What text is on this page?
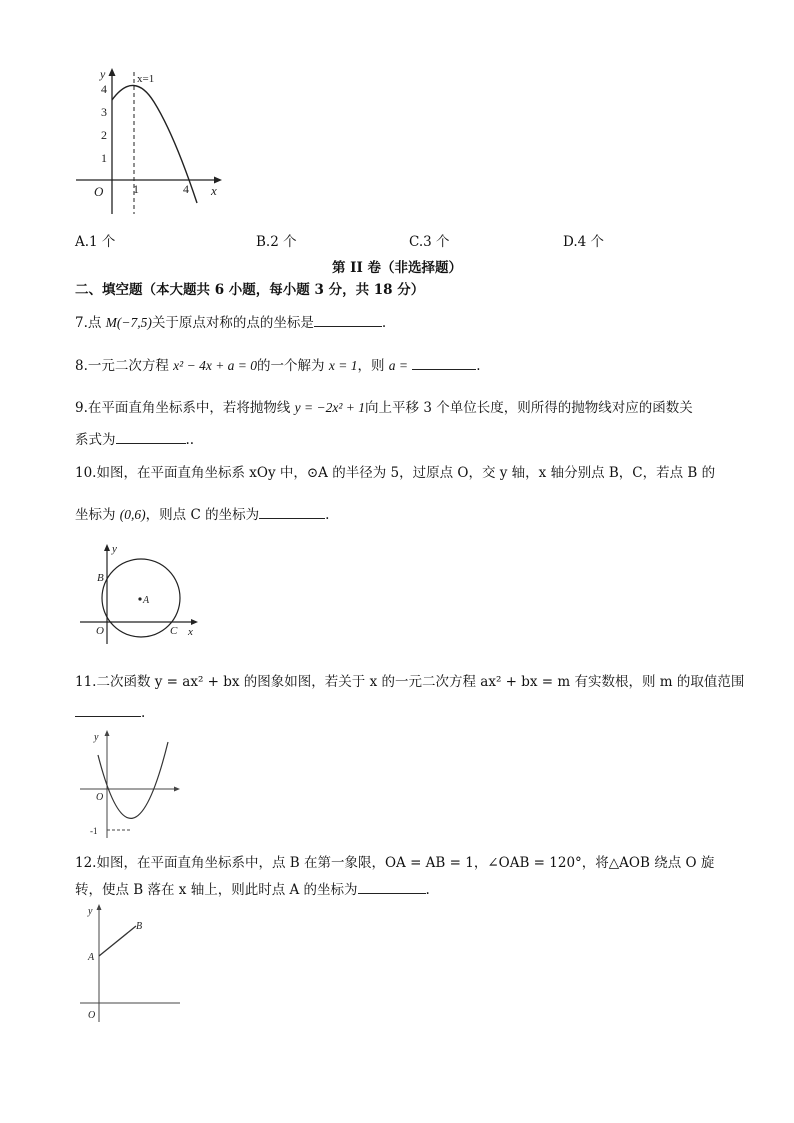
y
x
O
x=1
1
2
3
4
1	4
A.1 个	B.2 个	C.3 个	D.4 个
第 II 卷（非选择题）
二、填空题（本大题共 6 小题，每小题 3 分，共 18 分）
7.点 M(−7,5)关于原点对称的点的坐标是	.
8.一元二次方程 x² − 4x + a = 0的一个解为 x = 1，则 a =	.
9.在平面直角坐标系中，若将抛物线 y = −2x² + 1向上平移 3 个单位长度，则所得的抛物线对应的函数关
系式为	..
10.如图，在平面直角坐标系 xOy 中，⊙A 的半径为 5，过原点 O，交 y 轴，x 轴分别点 B，C，若点 B 的
坐标为 (0,6)，则点 C 的坐标为	.
y
x
A
B
O	C
11.二次函数 y = ax² + bx 的图象如图，若关于 x 的一元二次方程 ax² + bx = m 有实数根，则 m 的取值范围
.
y
O
-1
12.如图，在平面直角坐标系中，点 B 在第一象限，OA = AB = 1，∠OAB = 120°，将△AOB 绕点 O 旋
转，使点 B 落在 x 轴上，则此时点 A 的坐标为	.
y
O
A
B
